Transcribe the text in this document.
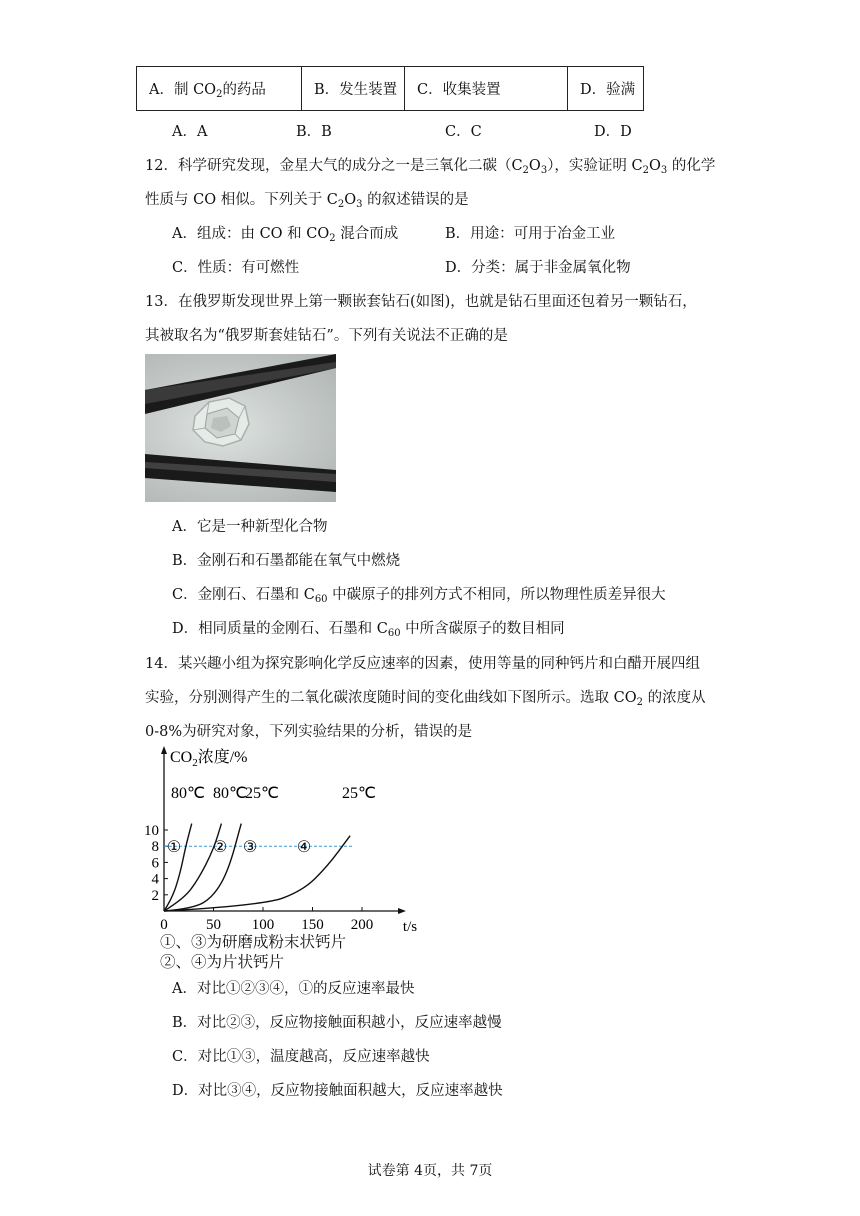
A．制 $CO_2$的药品	B．发生装置	C．收集装置	D．验满
A．A	B．B	C．C	D．D
12．科学研究发现，金星大气的成分之一是三氧化二碳$(C_2O_3)$，实验证明 $C_2O_3$ 的化学
性质与 CO 相似。下列关于 $C_2O_3$ 的叙述错误的是
A．组成：由 CO 和 $CO_2$ 混合而成	B．用途：可用于冶金工业
C．性质：有可燃性	D．分类：属于非金属氧化物
13．在俄罗斯发现世界上第一颗嵌套钻石(如图)，也就是钻石里面还包着另一颗钻石，
其被取名为“俄罗斯套娃钻石”。下列有关说法不正确的是
A．它是一种新型化合物
B．金刚石和石墨都能在氧气中燃烧
C．金刚石、石墨和 $C_{60}$ 中碳原子的排列方式不相同，所以物理性质差异很大
D．相同质量的金刚石、石墨和 $C_{60}$ 中所含碳原子的数目相同
14．某兴趣小组为探究影响化学反应速率的因素，使用等量的同种钙片和白醋开展四组
实验，分别测得产生的二氧化碳浓度随时间的变化曲线如下图所示。选取 $CO_2$ 的浓度从
0-8%为研究对象，下列实验结果的分析，错误的是
2
4
6
8
10
0	50 100 150 200
①
80℃
②
80℃
③
25℃
④
25℃
$CO_2$浓度/%
t/s
①、③为研磨成粉末状钙片
②、④为片状钙片
A．对比①②③④，①的反应速率最快
B．对比②③，反应物接触面积越小，反应速率越慢
C．对比①③，温度越高，反应速率越快
D．对比③④，反应物接触面积越大，反应速率越快
试卷第 4页，共 7页
